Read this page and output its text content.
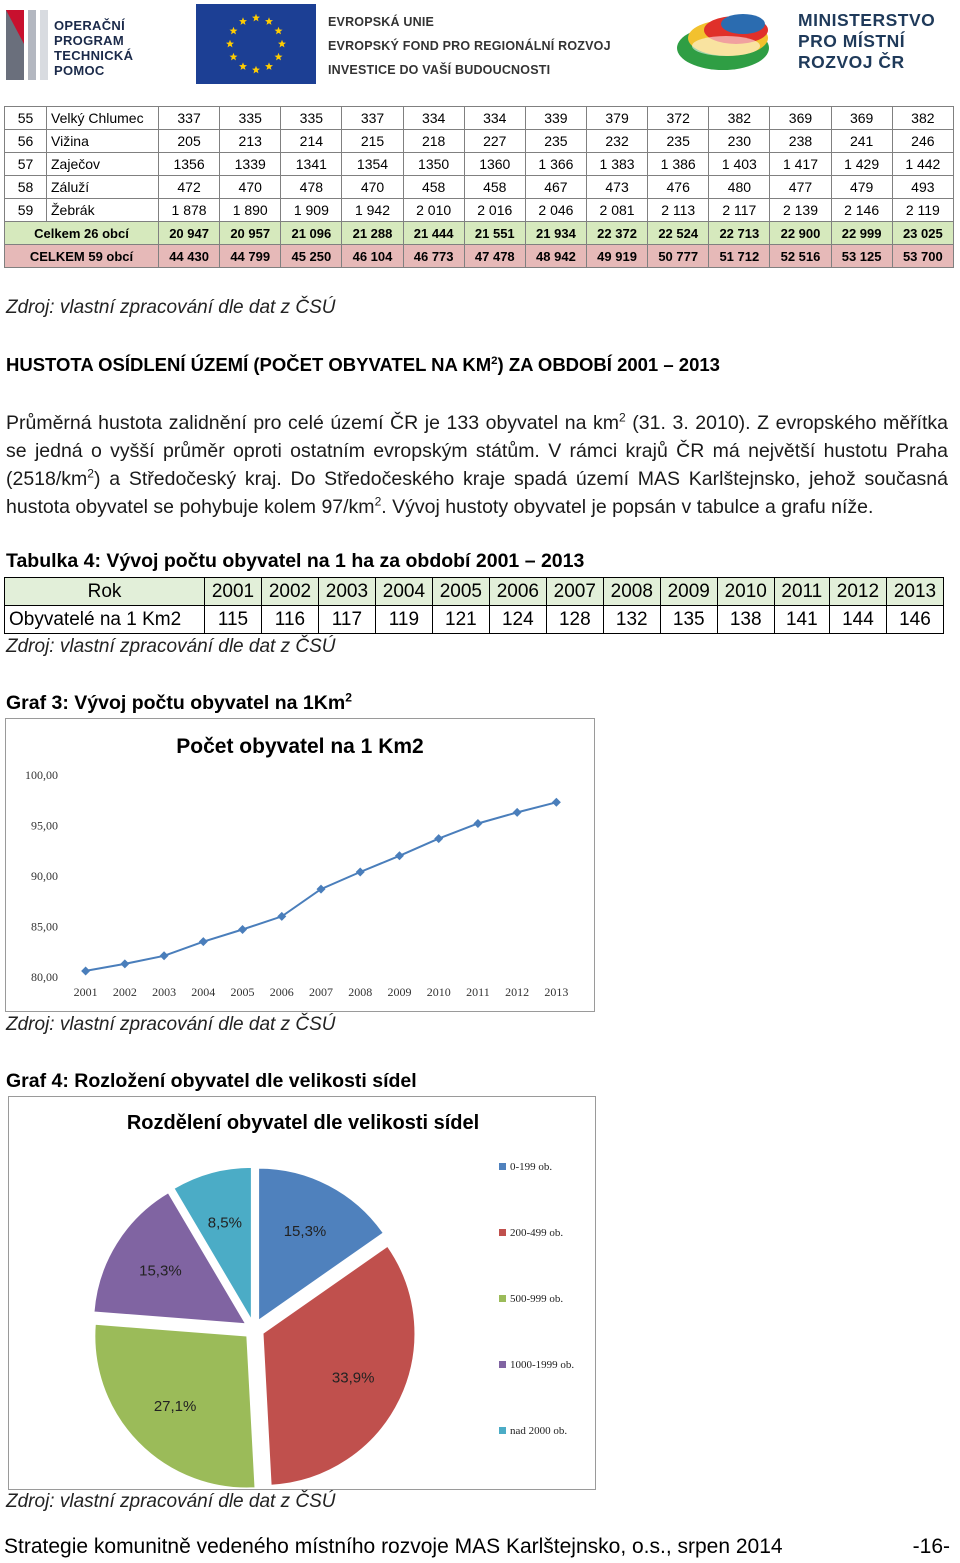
OPERAČNÍ
PROGRAM
TECHNICKÁ
POMOC
EVROPSKÁ UNIE
EVROPSKÝ FOND PRO REGIONÁLNÍ ROZVOJ
INVESTICE DO VAŠÍ BUDOUCNOSTI
MINISTERSTVO
PRO MÍSTNÍ
ROZVOJ ČR
55	Velký Chlumec	337	335	335	337	334	334	339	379	372	382	369	369	382
56	Vižina	205	213	214	215	218	227	235	232	235	230	238	241	246
57	Zaječov	1356	1339	1341	1354	1350	1360	1 366	1 383	1 386	1 403	1 417	1 429	1 442
58	Záluží	472	470	478	470	458	458	467	473	476	480	477	479	493
59	Žebrák	1 878	1 890	1 909	1 942	2 010	2 016	2 046	2 081	2 113	2 117	2 139	2 146	2 119
Celkem 26 obcí		20 947	20 957	21 096	21 288	21 444	21 551	21 934	22 372	22 524	22 713	22 900	22 999	23 025
CELKEM 59 obcí		44 430	44 799	45 250	46 104	46 773	47 478	48 942	49 919	50 777	51 712	52 516	53 125	53 700
Zdroj: vlastní zpracování dle dat z ČSÚ
HUSTOTA OSÍDLENÍ ÚZEMÍ (POČET OBYVATEL NA $KM^2$) ZA OBDOBÍ 2001 – 2013
Průměrná hustota zalidnění pro celé území ČR je 133 obyvatel na $km^2$ (31. 3. 2010). Z evropského měřítka se jedná o vyšší průměr oproti ostatním evropským státům. V rámci krajů ČR má největší hustotu Praha $(2518/km^2)$ a Středočeský kraj. Do Středočeského kraje spadá území MAS Karlštejnsko, jehož současná hustota obyvatel se pohybuje kolem $97/km^2$. Vývoj hustoty obyvatel je popsán v tabulce a grafu níže.
Tabulka 4: Vývoj počtu obyvatel na 1 ha za období 2001 – 2013
Rok	2001	2002	2003	2004	2005	2006	2007	2008	2009	2010	2011	2012	2013
Obyvatelé na 1 Km2	115	116	117	119	121	124	128	132	135	138	141	144	146
Zdroj: vlastní zpracování dle dat z ČSÚ
Graf 3: Vývoj počtu obyvatel na 1Km$^2$
Počet obyvatel na 1 Km2
80,00
85,00
90,00
95,00
100,00
2001 2002 2003 2004 2005 2006 2007 2008 2009 2010 2011 2012 2013
Zdroj: vlastní zpracování dle dat z ČSÚ
Graf 4: Rozložení obyvatel dle velikosti sídel
Rozdělení obyvatel dle velikosti sídel
15,3%
33,9%
27,1%
15,3%
8,5%
0-199 ob.
200-499 ob.
500-999 ob.
1000-1999 ob.
nad 2000 ob.
Zdroj: vlastní zpracování dle dat z ČSÚ
Strategie komunitně vedeného místního rozvoje MAS Karlštejnsko, o.s., srpen 2014	-16-
